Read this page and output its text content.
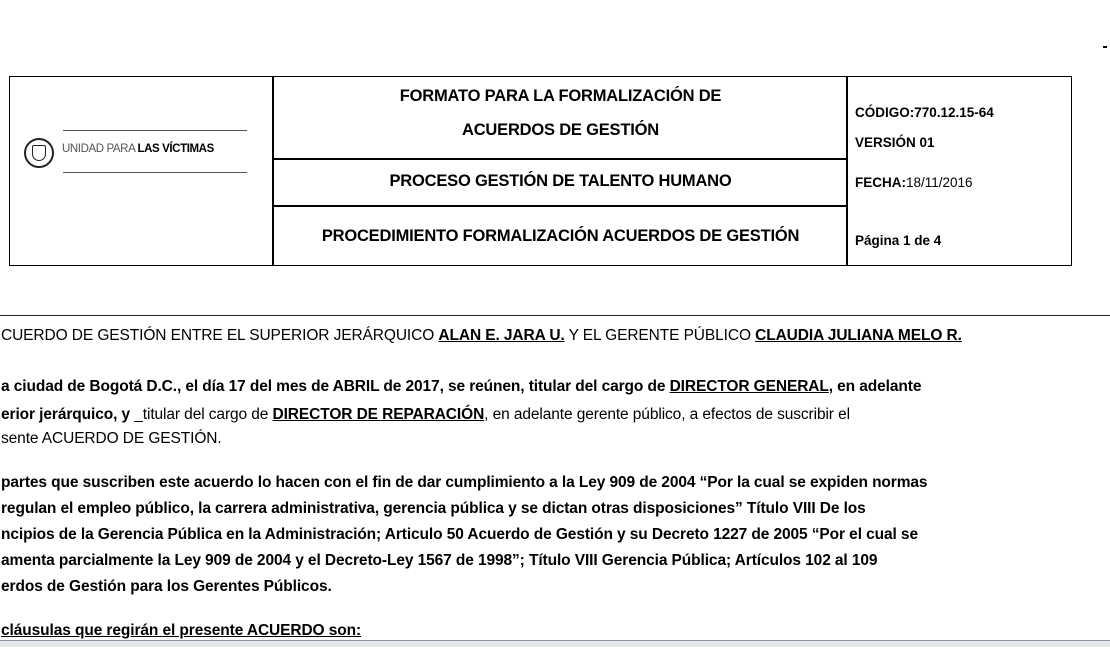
UNIDAD PARA LAS VÍCTIMAS
FORMATO PARA LA FORMALIZACIÓN DE
ACUERDOS DE GESTIÓN
PROCESO GESTIÓN DE TALENTO HUMANO
PROCEDIMIENTO FORMALIZACIÓN ACUERDOS DE GESTIÓN
CÓDIGO:770.12.15-64
VERSIÓN 01
FECHA:18/11/2016
Página 1 de 4
CUERDO DE GESTIÓN ENTRE EL SUPERIOR JERÁRQUICO ALAN E. JARA U. Y EL GERENTE PÚBLICO CLAUDIA JULIANA MELO R.
a ciudad de Bogotá D.C., el día 17 del mes de ABRIL de 2017, se reúnen, titular del cargo de DIRECTOR GENERAL, en adelante
erior jerárquico, y _titular del cargo de DIRECTOR DE REPARACIÓN, en adelante gerente público, a efectos de suscribir el
sente ACUERDO DE GESTIÓN.
partes que suscriben este acuerdo lo hacen con el fin de dar cumplimiento a la Ley 909 de 2004 “Por la cual se expiden normas
regulan el empleo público, la carrera administrativa, gerencia pública y se dictan otras disposiciones” Título VIII De los
ncipios de la Gerencia Pública en la Administración; Articulo 50 Acuerdo de Gestión y su Decreto 1227 de 2005 “Por el cual se
amenta parcialmente la Ley 909 de 2004 y el Decreto-Ley 1567 de 1998”; Título VIII Gerencia Pública; Artículos 102 al 109
erdos de Gestión para los Gerentes Públicos.
cláusulas que regirán el presente ACUERDO son:
